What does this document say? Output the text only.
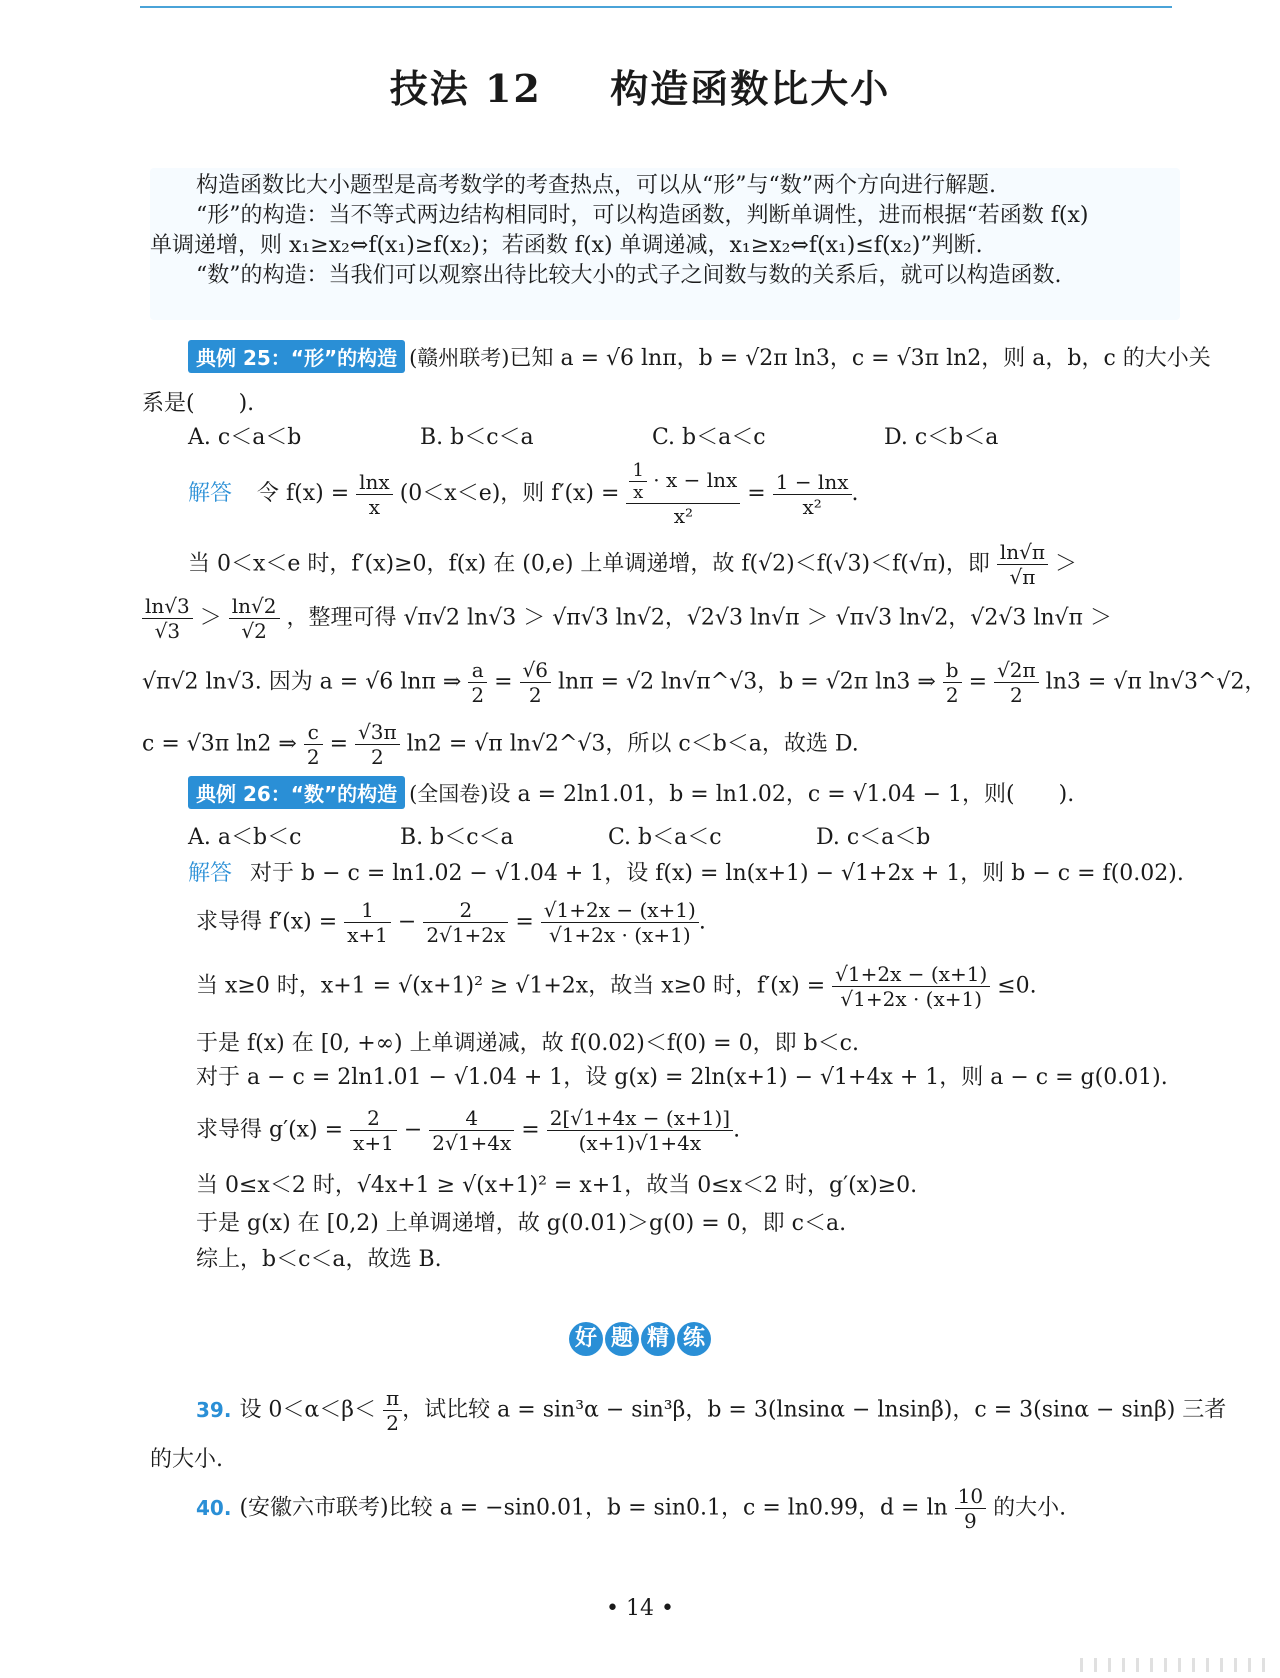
技法 12 构造函数比大小
构造函数比大小题型是高考数学的考查热点，可以从“形”与“数”两个方向进行解题.
“形”的构造：当不等式两边结构相同时，可以构造函数，判断单调性，进而根据“若函数 f(x)
单调递增，则 x₁≥x₂⇔f(x₁)≥f(x₂)；若函数 f(x) 单调递减，x₁≥x₂⇔f(x₁)≤f(x₂)”判断.
“数”的构造：当我们可以观察出待比较大小的式子之间数与数的关系后，就可以构造函数.
典例 25：“形”的构造 (赣州联考)已知 a = √6 lnπ，b = √2π ln3，c = √3π ln2，则 a，b，c 的大小关
系是(　　).
A. c＜a＜b	B. b＜c＜a	C. b＜a＜c	D. c＜b＜a
解答 令 $f(x) = \frac{\ln x}{x} (0<x<e)$，则 $f'(x) = \frac{\frac{1}{x} \cdot x - \ln x}{\text{x²}} = \frac{1 - \ln x}{\text{x²}}$ .
当 0＜x＜e 时，f′(x)≥0，f(x) 在 (0,e) 上单调递增，故 f(√2)＜f(√3)＜f(√π)，即 $\frac{\ln√\pi}{√\pi}$ ＞
$\frac{\ln√3}{√3} > \frac{\ln√2}{√2}$ ，整理可得 √π√2 ln√3 ＞ √π√3 ln√2，√2√3 ln√π ＞ √π√3 ln√2，√2√3 ln√π ＞
√π√2 ln√3. 因为 a = √6 lnπ ⇒ $\frac{a}{2} = \frac{√6}{2}$ lnπ = √2 ln√π^√3，b = √2π ln3 ⇒ $\frac{b}{2} = \frac{√2\pi}{2} \ln 3 = √\pi$ ln√3^√2，
c = √3π ln2 ⇒ $\frac{c}{2} = \frac{√3\pi}{2} \ln 2 = √\pi$ ln√2^√3，所以 c＜b＜a，故选 D.
典例 26：“数”的构造 (全国卷)设 a = 2ln1.01，b = ln1.02，c = √1.04 − 1，则(　　).
A. a＜b＜c	B. b＜c＜a	C. b＜a＜c	D. c＜a＜b
解答 对于 b − c = ln1.02 − √1.04 + 1，设 f(x) = ln(x+1) − √1+2x + 1，则 b − c = f(0.02).
求导得 $f'(x) = \frac{1}{x+1} - \frac{2}{2√1+2x} = \frac{√1+2x - (x+1)}{√1+2x \cdot (x+1)}$ .
当 x≥0 时，x+1 = √(x+1)² ≥ √1+2x，故当 x≥0 时，$f'(x) = \frac{√1+2x - (x+1)}{√1+2x \cdot (x+1)} \le 0$.
于是 f(x) 在 [0, +∞) 上单调递减，故 f(0.02)＜f(0) = 0，即 b＜c.
对于 a − c = 2ln1.01 − √1.04 + 1，设 g(x) = 2ln(x+1) − √1+4x + 1，则 a − c = g(0.01).
求导得 $g'(x) = \frac{2}{x+1} - \frac{4}{2√1+4x} = \frac{2[√1+4x - (x+1)]}{(x+1)√1+4x}$ .
当 0≤x＜2 时，√4x+1 ≥ √(x+1)² = x+1，故当 0≤x＜2 时，g′(x)≥0.
于是 g(x) 在 [0,2) 上单调递增，故 g(0.01)＞g(0) = 0，即 c＜a.
综上，b＜c＜a，故选 B.
好 题 精 练
39. 设 $0<\alpha<\beta< \frac{\pi}{2}$ ，试比较 a = sin³α − sin³β，b = 3(lnsinα − lnsinβ)，c = 3(sinα − sinβ) 三者
的大小.
40. (安徽六市联考)比较 a = −sin0.01，b = sin0.1，c = ln0.99，$d = \ln \frac{10}{9}$ 的大小.
• 14 •
